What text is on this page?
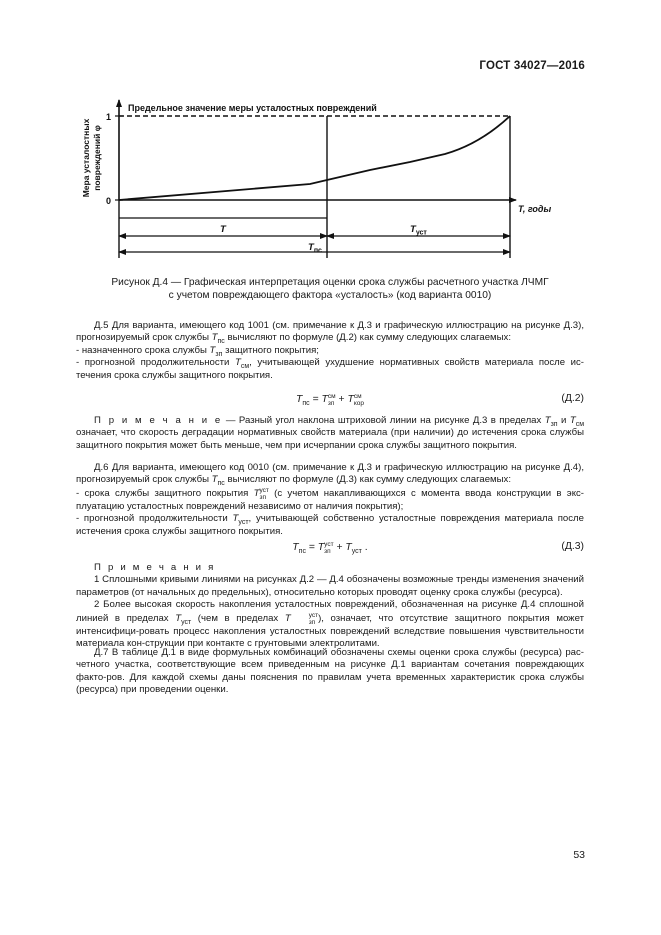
ГОСТ 34027—2016
Предельное значение меры усталостных повреждений
1
0
Мера усталостных повреждений φ
T, годы
T	$T_{уст}$
$T_{пс}$
Рисунок Д.4 — Графическая интерпретация оценки срока службы расчетного участка ЛЧМГ
с учетом повреждающего фактора «усталость» (код варианта 0010)

Д.5 Для варианта, имеющего код 1001 (см. примечание к Д.3 и графическую иллюстрацию на рисунке Д.3), прогнозируемый срок службы $T_{пс}$ вычисляют по формуле (Д.2) как сумму следующих слагаемых:

- назначенного срока службы $T_{зп}$ защитного покрытия;

- прогнозной продолжительности $T_{см}$, учитывающей ухудшение нормативных свойств материала после ис-течения срока службы защитного покрытия.

$T_{пс} = T$ см
зп + T см
кор	(Д.2)

П р и м е ч а н и е — Разный угол наклона штриховой линии на рисунке Д.3 в пределах $T_{зп}$ и $T_{см}$ означает, что скорость деградации нормативных свойств материала (при наличии) до истечения срока службы защитного покрытия может быть меньше, чем при исчерпании срока службы защитного покрытия.

Д.6 Для варианта, имеющего код 0010 (см. примечание к Д.3 и графическую иллюстрацию на рисунке Д.4), прогнозируемый срок службы $T_{пс}$ вычисляют по формуле (Д.3) как сумму следующих слагаемых:

- срока службы защитного покрытия T уст
зп (с учетом накапливающихся с момента ввода конструкции в экс-плуатацию усталостных повреждений независимо от наличия покрытия);

- прогнозной продолжительности $T_{уст}$, учитывающей собственно усталостные повреждения материала после истечения срока службы защитного покрытия.

$T_{пс} = T$ уст
зп + $T_{уст}$ .	(Д.3)

П р и м е ч а н и я

1 Сплошными кривыми линиями на рисунках Д.2 — Д.4 обозначены возможные тренды изменения значений параметров (от начальных до предельных), относительно которых проводят оценку срока службы (ресурса).

2 Более высокая скорость накопления усталостных повреждений, обозначенная на рисунке Д.4 сплошной линией в пределах $T_{уст}$ (чем в пределах T	уст
зп ), означает, что отсутствие защитного покрытия может интенсифици-ровать процесс накопления усталостных повреждений вследствие повышения чувствительности материала кон-струкции при контакте с грунтовыми электролитами.

Д.7 В таблице Д.1 в виде формульных комбинаций обозначены схемы оценки срока службы (ресурса) рас-четного участка, соответствующие всем приведенным на рисунке Д.1 вариантам сочетания повреждающих факто-ров. Для каждой схемы даны пояснения по правилам учета временных характеристик срока службы (ресурса) при проведении оценки.

53
